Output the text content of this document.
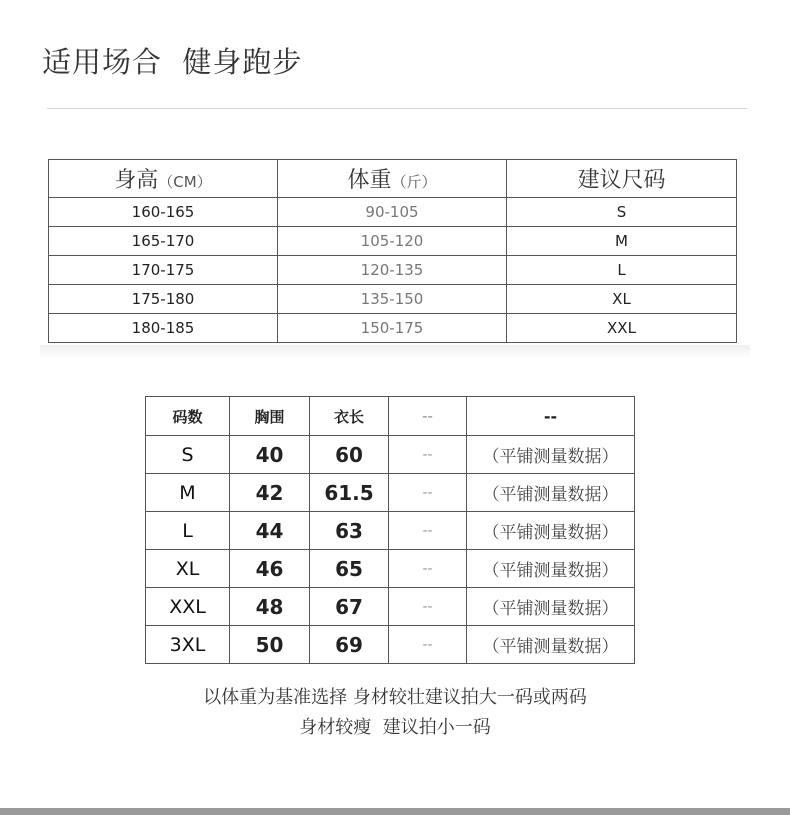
适用场合  健身跑步
身高（CM）	体重（斤）	建议尺码
160-165	90-105	S
165-170	105-120	M
170-175	120-135	L
175-180	135-150	XL
180-185	150-175	XXL
码数	胸围	衣长	--	--
S	40	60	--	（平铺测量数据）
M	42	61.5	--	（平铺测量数据）
L	44	63	--	（平铺测量数据）
XL	46	65	--	（平铺测量数据）
XXL	48	67	--	（平铺测量数据）
3XL	50	69	--	（平铺测量数据）
以体重为基准选择 身材较壮建议拍大一码或两码
身材较瘦  建议拍小一码
